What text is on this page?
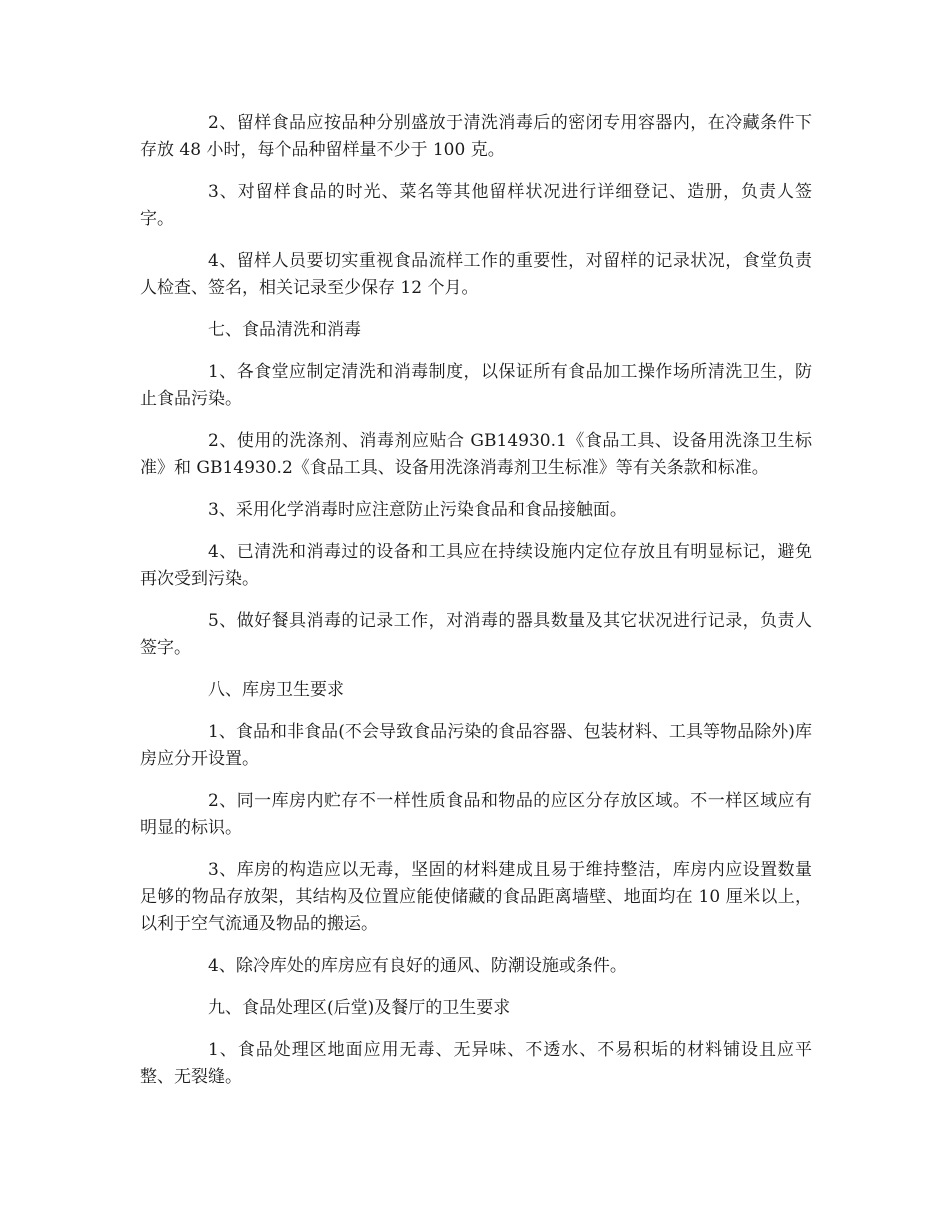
2、留样食品应按品种分别盛放于清洗消毒后的密闭专用容器内，在冷藏条件下存放 48 小时，每个品种留样量不少于 100 克。

3、对留样食品的时光、菜名等其他留样状况进行详细登记、造册，负责人签字。

4、留样人员要切实重视食品流样工作的重要性，对留样的记录状况，食堂负责人检查、签名，相关记录至少保存 12 个月。

七、食品清洗和消毒

1、各食堂应制定清洗和消毒制度，以保证所有食品加工操作场所清洗卫生，防止食品污染。

2、使用的洗涤剂、消毒剂应贴合 GB14930.1《食品工具、设备用洗涤卫生标准》和 GB14930.2《食品工具、设备用洗涤消毒剂卫生标准》等有关条款和标准。

3、采用化学消毒时应注意防止污染食品和食品接触面。

4、已清洗和消毒过的设备和工具应在持续设施内定位存放且有明显标记，避免再次受到污染。

5、做好餐具消毒的记录工作，对消毒的器具数量及其它状况进行记录，负责人签字。

八、库房卫生要求

1、食品和非食品(不会导致食品污染的食品容器、包装材料、工具等物品除外)库房应分开设置。

2、同一库房内贮存不一样性质食品和物品的应区分存放区域。不一样区域应有明显的标识。

3、库房的构造应以无毒，坚固的材料建成且易于维持整洁，库房内应设置数量足够的物品存放架，其结构及位置应能使储藏的食品距离墙壁、地面均在 10 厘米以上，以利于空气流通及物品的搬运。

4、除冷库处的库房应有良好的通风、防潮设施或条件。

九、食品处理区(后堂)及餐厅的卫生要求

1、食品处理区地面应用无毒、无异味、不透水、不易积垢的材料铺设且应平整、无裂缝。
